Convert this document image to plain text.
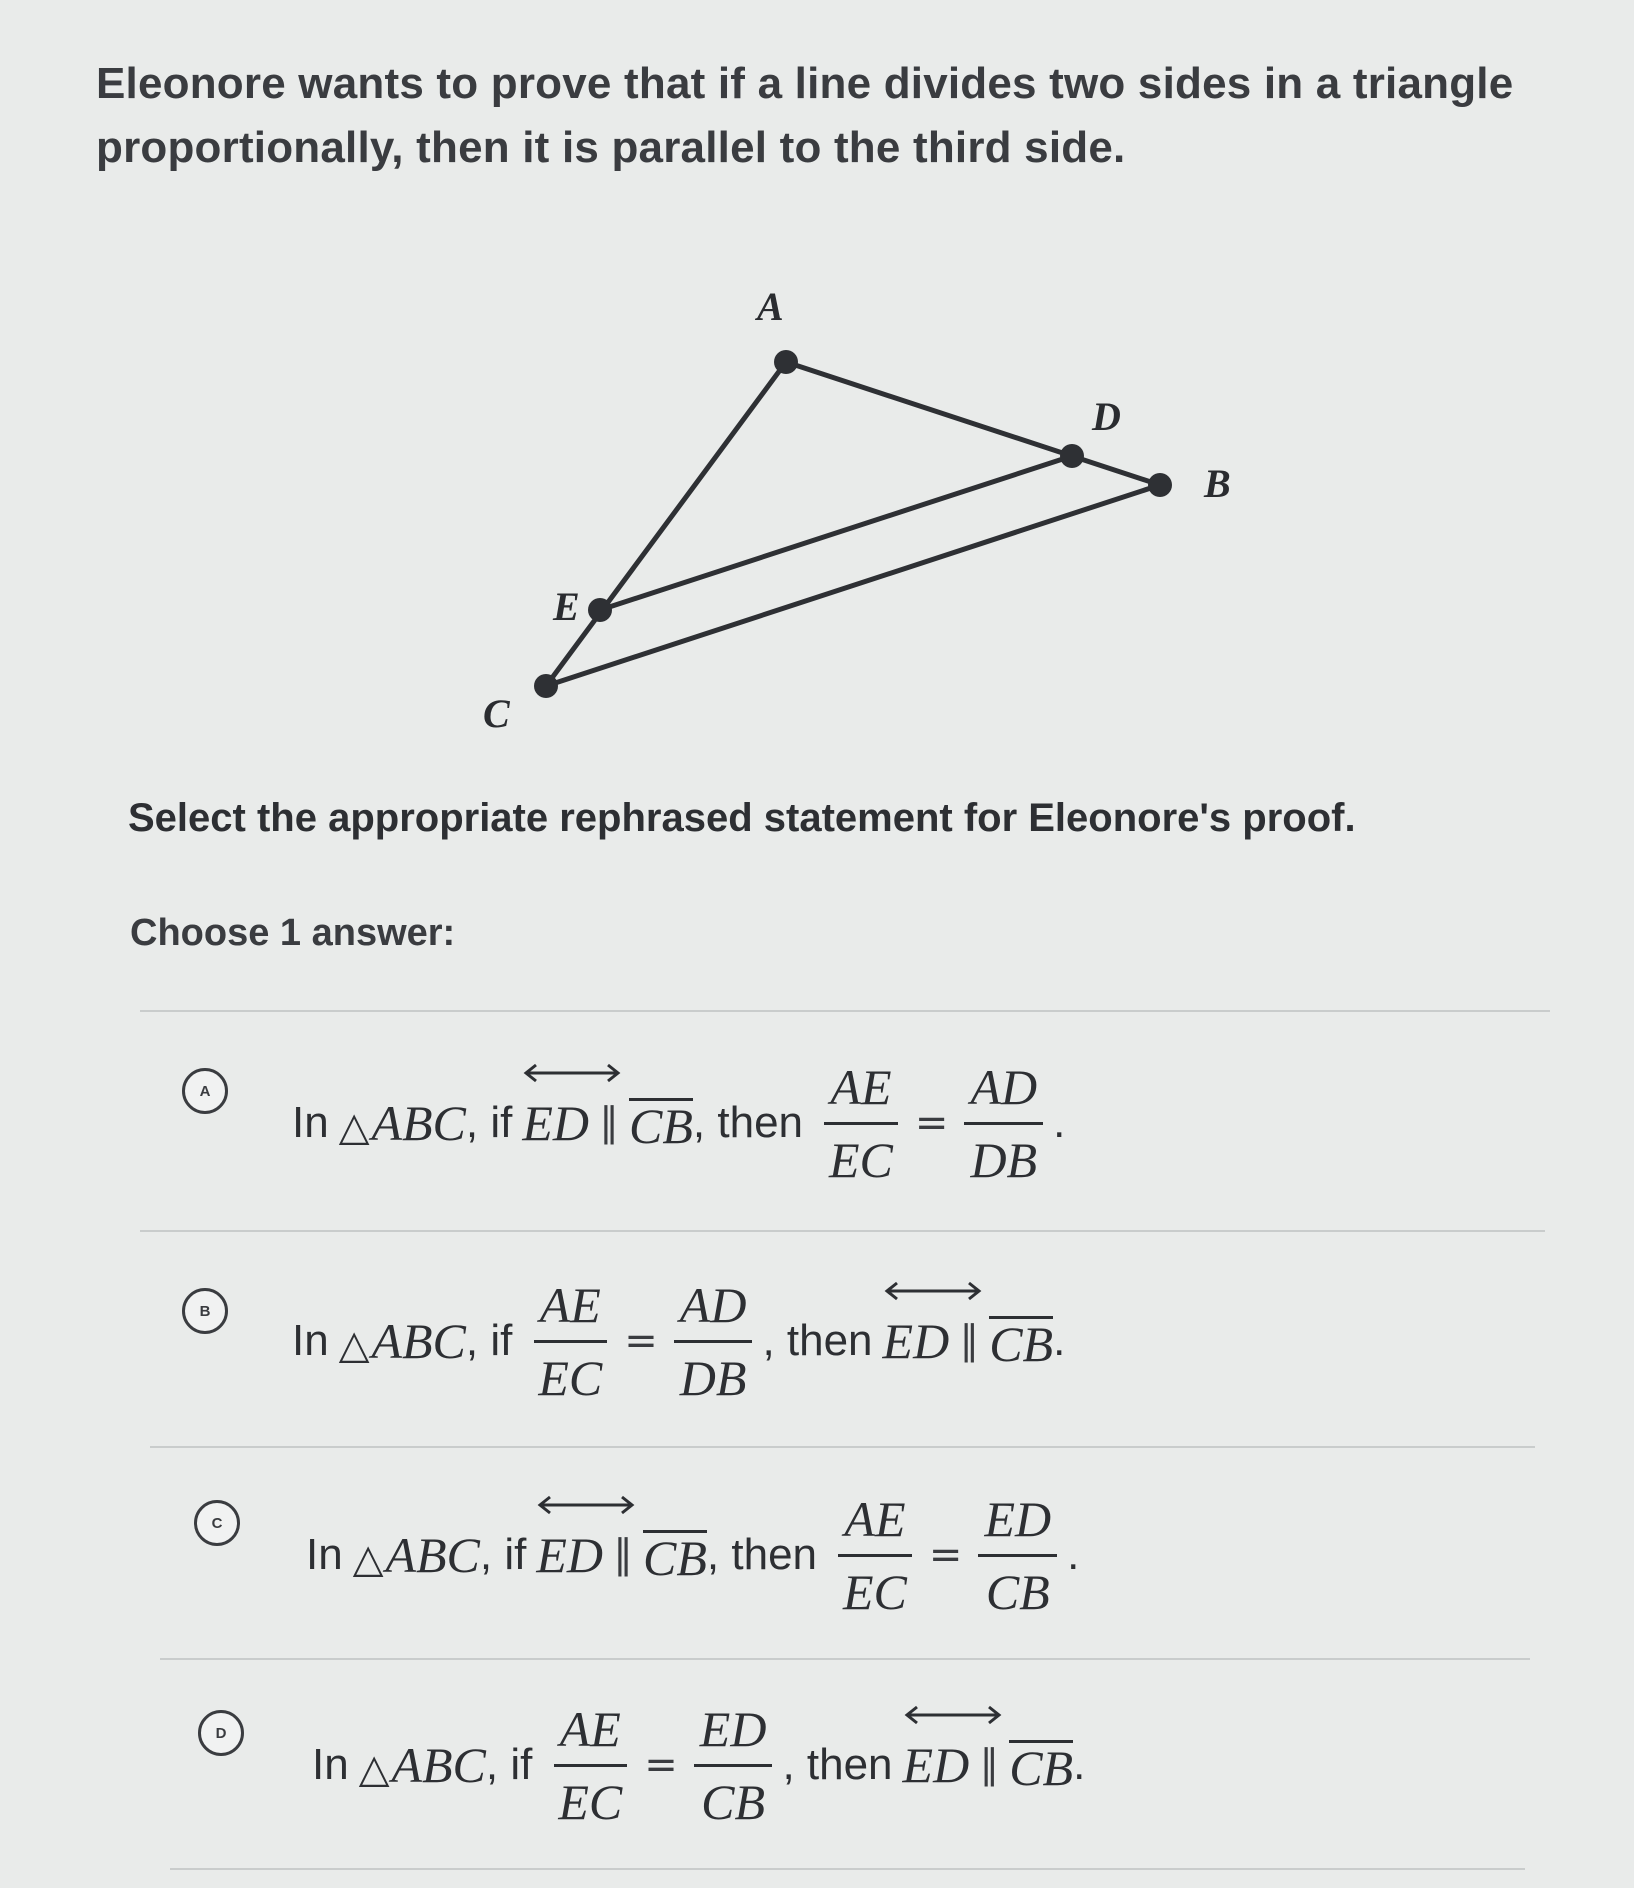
Eleonore wants to prove that if a line divides two sides in a triangle proportionally, then it is parallel to the third side.
A
D
B
E
C
Select the appropriate rephrased statement for Eleonore's proof.
Choose 1 answer:
A
In △ABC , if ED ∥ CB , then $\frac{AE}{EC} = \frac{AD}{DB}$ .
B
In △ABC , if $\frac{AE}{EC} = \frac{AD}{DB}$ , then ED ∥ CB .
C
In △ABC , if ED ∥ CB , then $\frac{AE}{EC} = \frac{ED}{CB}$ .
D
In △ABC , if $\frac{AE}{EC} = \frac{ED}{CB}$ , then ED ∥ CB .
